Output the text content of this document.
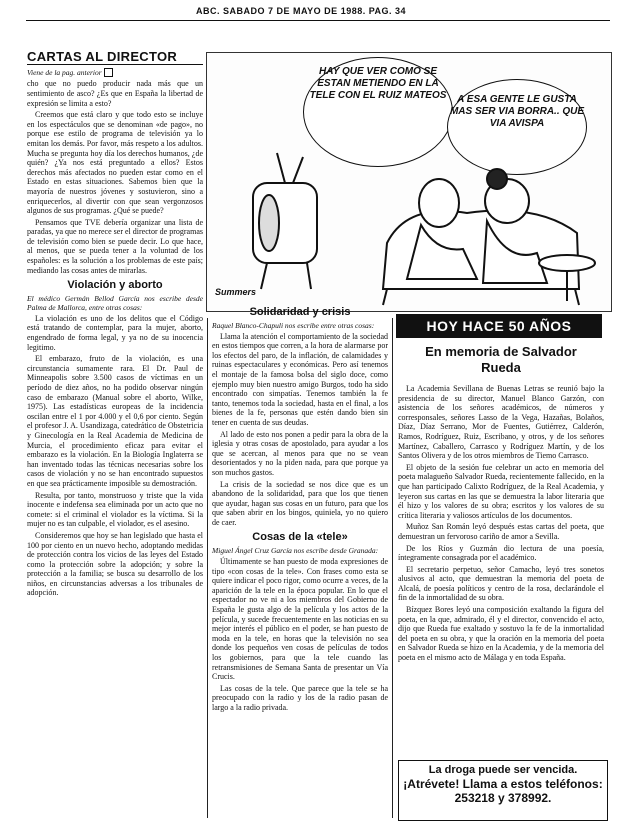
ABC. SABADO 7 DE MAYO DE 1988. PAG. 34
CARTAS AL DIRECTOR
Viene de la pag. anterior

cho que no puedo producir nada más que un sentimiento de asco? ¿Es que en España la libertad de expresión se limita a esto?

Creemos que está claro y que todo esto se incluye en los espectáculos que se denominan «de pago», no porque ese estilo de programa de televisión ya lo emitan los demás. Por favor, más respeto a los adultos. Mucha se pregunta hoy día los derechos humanos, ¿de quién? ¿Ya nos está preguntado a ellos? Estos derechos más afectados no pueden estar como en el Estado en estas situaciones. Sabemos bien que la mayoría de nuestros jóvenes y sostuvieron, sino a enriquecerlos, al divertir con que sean vergonzosos algunos de sus programas. ¿Qué se puede?

Pensamos que TVE debería organizar una lista de paradas, ya que no merece ser el director de programas de televisión como bien se puede decir. Lo que hace, al menos, que se pueda tener a la voluntad de los españoles: es la solución a los problemas de este país; mediando las cosas antes de mirarlas.

Violación y aborto
El médico Germán Bellod García nos escribe desde Palma de Mallorca, entre otras cosas:

La violación es uno de los delitos que el Código está tratando de contemplar, para la mujer, aborto, engendrado de forma legal, y ya no de su inocencia legitimo.

El embarazo, fruto de la violación, es una circunstancia sumamente rara. El Dr. Paul de Minneapolis sobre 3.500 casos de víctimas en un período de diez años, no ha podido observar ningún caso de embarazo (Manual sobre el aborto, Wilke, 1975). Las estadísticas europeas de la incidencia oscilan entre el 1 por 4.000 y el 0,6 por ciento. Según el profesor J. A. Usandizaga, catedrático de Obstetricia y Ginecología en la Real Academia de Medicina de Murcia, el procedimiento eficaz para evitar el embarazo es la violación. En la Biología Inglaterra se han inventado todas las técnicas necesarias sobre los casos de violación y no se han encontrado supuestos en que sea prácticamente imposible su demostración.

Resulta, por tanto, monstruoso y triste que la vida inocente e indefensa sea eliminada por un acto que no comete: si el criminal el violador es la víctima. Si la mujer no es tan culpable, el violador, es el asesino.

Consideremos que hoy se han legislado que hasta el 100 por ciento en un nuevo hecho, adoptando medidas de protección contra los vicios de las leyes del Estado como la protección sobre la adopción; y sobre la protección a la familia; se busca su desarrollo de los niños, en circunstancias adversas a los tribunales de adopción.

HAY QUE VER COMO SE ESTAN METIENDO EN LA TELE CON EL RUIZ MATEOS	A ESA GENTE LE GUSTA MAS SER VIA BORRA.. QUE VIA AVISPA
Summers
Solidaridad y crisis
Raquel Blanco-Chapuli nos escribe entre otras cosas:

Llama la atención el comportamiento de la sociedad en estos tiempos que corren, a la hora de alarmarse por los efectos del paro, de la inflación, de calamidades y ruinas espectaculares y económicas. Pero así tenemos el montaje de la famosa bolsa del siglo doce, como ejemplo muy bien nuestro amigo Burgos, todo ha sido encontrado con simpatías. Tenemos también la fe tanto, tenemos toda la sociedad, hasta en el final, a los bienes de la fe, personas que estén dando bien sin tener en cuenta de sus deudas.

Al lado de esto nos ponen a pedir para la obra de la iglesia y otras cosas de apostolado, para ayudar a los que se acercan, al menos para que no se vean desorientados y no la piden nada, para que porque ya son muchos gastos.

La crisis de la sociedad se nos dice que es un abandono de la solidaridad, para que los que tienen que ayudar, hagan sus cosas en un futuro, para que los que saben abrir en los bingos, quiniela, yo no quiero de caer.

Cosas de la «tele»
Miguel Ángel Cruz García nos escribe desde Granada:

Últimamente se han puesto de moda expresiones de tipo «con cosas de la tele». Con frases como esta se quiere indicar el poco rigor, como ocurre a veces, de la aparición de la tele en la época popular. En lo que el espectador no ve ni a los miembros del Gobierno de España le gusta algo de la película y los actos de la película, y sucede frecuentemente en las noticias en su mejor interés el público en el poder, se han puesto de moda en la tele, en horas que la televisión no sea donde los pequeños ven cosas de películas de todos los gobiernos, para que la tele cuando las retransmisiones de Semana Santa de presentar un Vía Crucis.

Las cosas de la tele. Que parece que la tele se ha preocupado con la radio y los de la radio pasan de largo a la radio privada.

HOY HACE 50 AÑOS
En memoria de Salvador Rueda

La Academia Sevillana de Buenas Letras se reunió bajo la presidencia de su director, Manuel Blanco Garzón, con asistencia de los señores académicos, de números y corresponsales, señores Lasso de la Vega, Hazañas, Bolaños, Díaz, Díaz Serrano, Mor de Fuentes, Gutiérrez, Calderón, Ramos, Rodríguez, Ruiz, Escribano, y otros, y de los señores Martínez, Caballero, Carrasco y Rodríguez Martín, y de los Santos Olivera y de los otros miembros de Tiemo Carrasco.

El objeto de la sesión fue celebrar un acto en memoria del poeta malagueño Salvador Rueda, recientemente fallecido, en la que han participado Calixto Rodríguez, de la Real Academia, y leyeron sus cartas en las que se demuestra la labor literaria que él hizo y los valores de su obra; escritos y los valores de su crítica literaria y valiosos artículos de los documentos.

Muñoz San Román leyó después estas cartas del poeta, que demuestran un fervoroso cariño de amor a Sevilla.

De los Ríos y Guzmán dio lectura de una poesía, íntegramente consagrada por el académico.

El secretario perpetuo, señor Camacho, leyó tres sonetos alusivos al acto, que demuestran la memoria del poeta de Alcalá, de poesía políticos y centro de la rosa, declarándole el fin de la inmortalidad de su obra.

Bízquez Bores leyó una composición exaltando la figura del poeta, en la que, admirado, él y el director, convencido el acto, dijo que Rueda fue exaltado y sostuvo la fe de la inmortalidad del poeta en su obra, y que la oración en la memoria del poeta en Salvador Rueda se hizo en la Academia, y de la memoria del poeta en el mismo acto de Málaga y en toda España.

La droga puede ser vencida.
¡Atrévete! Llama a estos teléfonos: 253218 y 378992.
